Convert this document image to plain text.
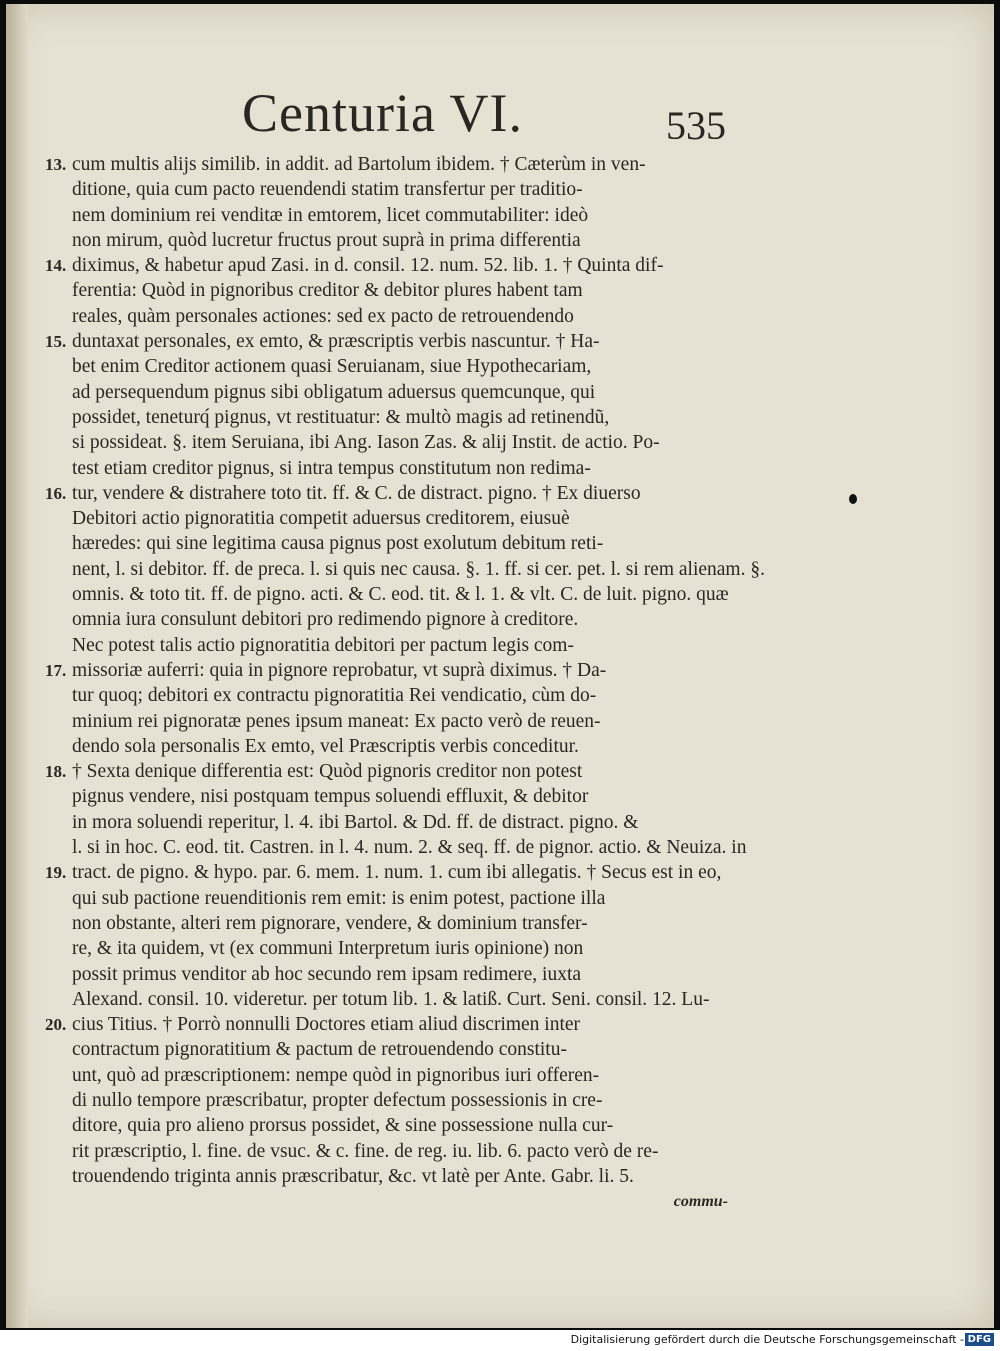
Centuria VI.	535
13. cum multis alijs similib. in addit. ad Bartolum ibidem. † Cæterùm in ven-
ditione, quia cum pacto reuendendi statim transfertur per traditio-
nem dominium rei venditæ in emtorem, licet commutabiliter: ideò
non mirum, quòd lucretur fructus prout suprà in prima differentia
14. diximus, & habetur apud Zasi. in d. consil. 12. num. 52. lib. 1. † Quinta dif-
ferentia: Quòd in pignoribus creditor & debitor plures habent tam
reales, quàm personales actiones: sed ex pacto de retrouendendo
15. duntaxat personales, ex emto, & præscriptis verbis nascuntur. † Ha-
bet enim Creditor actionem quasi Seruianam, siue Hypothecariam,
ad persequendum pignus sibi obligatum aduersus quemcunque, qui
possidet, teneturq́ pignus, vt restituatur: & multò magis ad retinendũ,
si possideat. §. item Seruiana, ibi Ang. Iason Zas. & alij Instit. de actio. Po-
test etiam creditor pignus, si intra tempus constitutum non redima-
16. tur, vendere & distrahere toto tit. ff. & C. de distract. pigno. † Ex diuerso
Debitori actio pignoratitia competit aduersus creditorem, eiusuè
hæredes: qui sine legitima causa pignus post exolutum debitum reti-
nent, l. si debitor. ff. de preca. l. si quis nec causa. §. 1. ff. si cer. pet. l. si rem alienam. §.
omnis. & toto tit. ff. de pigno. acti. & C. eod. tit. & l. 1. & vlt. C. de luit. pigno. quæ
omnia iura consulunt debitori pro redimendo pignore à creditore.
Nec potest talis actio pignoratitia debitori per pactum legis com-
17. missoriæ auferri: quia in pignore reprobatur, vt suprà diximus. † Da-
tur quoq; debitori ex contractu pignoratitia Rei vendicatio, cùm do-
minium rei pignoratæ penes ipsum maneat: Ex pacto verò de reuen-
dendo sola personalis Ex emto, vel Præscriptis verbis conceditur.
18. † Sexta denique differentia est: Quòd pignoris creditor non potest
pignus vendere, nisi postquam tempus soluendi effluxit, & debitor
in mora soluendi reperitur, l. 4. ibi Bartol. & Dd. ff. de distract. pigno. &
l. si in hoc. C. eod. tit. Castren. in l. 4. num. 2. & seq. ff. de pignor. actio. & Neuiza. in
19. tract. de pigno. & hypo. par. 6. mem. 1. num. 1. cum ibi allegatis. † Secus est in eo,
qui sub pactione reuenditionis rem emit: is enim potest, pactione illa
non obstante, alteri rem pignorare, vendere, & dominium transfer-
re, & ita quidem, vt (ex communi Interpretum iuris opinione) non
possit primus venditor ab hoc secundo rem ipsam redimere, iuxta
Alexand. consil. 10. videretur. per totum lib. 1. & latiß. Curt. Seni. consil. 12. Lu-
20. cius Titius. † Porrò nonnulli Doctores etiam aliud discrimen inter
contractum pignoratitium & pactum de retrouendendo constitu-
unt, quò ad præscriptionem: nempe quòd in pignoribus iuri offeren-
di nullo tempore præscribatur, propter defectum possessionis in cre-
ditore, quia pro alieno prorsus possidet, & sine possessione nulla cur-
rit præscriptio, l. fine. de vsuc. & c. fine. de reg. iu. lib. 6. pacto verò de re-
trouendendo triginta annis præscribatur, &c. vt latè per Ante. Gabr. li. 5.
commu-
Digitalisierung gefördert durch die Deutsche Forschungsgemeinschaft - DFG
